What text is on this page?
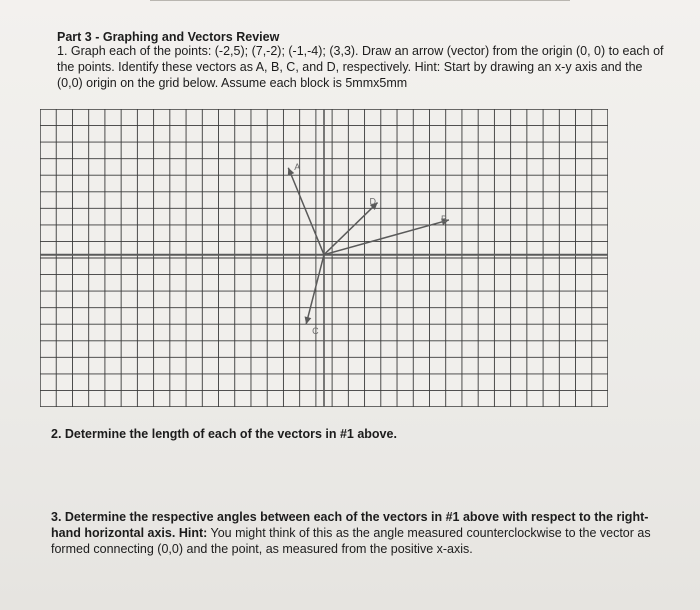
Part 3 - Graphing and Vectors Review
1. Graph each of the points: (-2,5); (7,-2); (-1,-4); (3,3). Draw an arrow (vector) from the origin (0, 0) to each of the points. Identify these vectors as A, B, C, and D, respectively. Hint: Start by drawing an x-y axis and the (0,0) origin on the grid below. Assume each block is 5mmx5mm
A
B
C
D
2. Determine the length of each of the vectors in #1 above.
3. Determine the respective angles between each of the vectors in #1 above with respect to the right-hand horizontal axis. Hint: You might think of this as the angle measured counterclockwise to the vector as formed connecting (0,0) and the point, as measured from the positive x-axis.
